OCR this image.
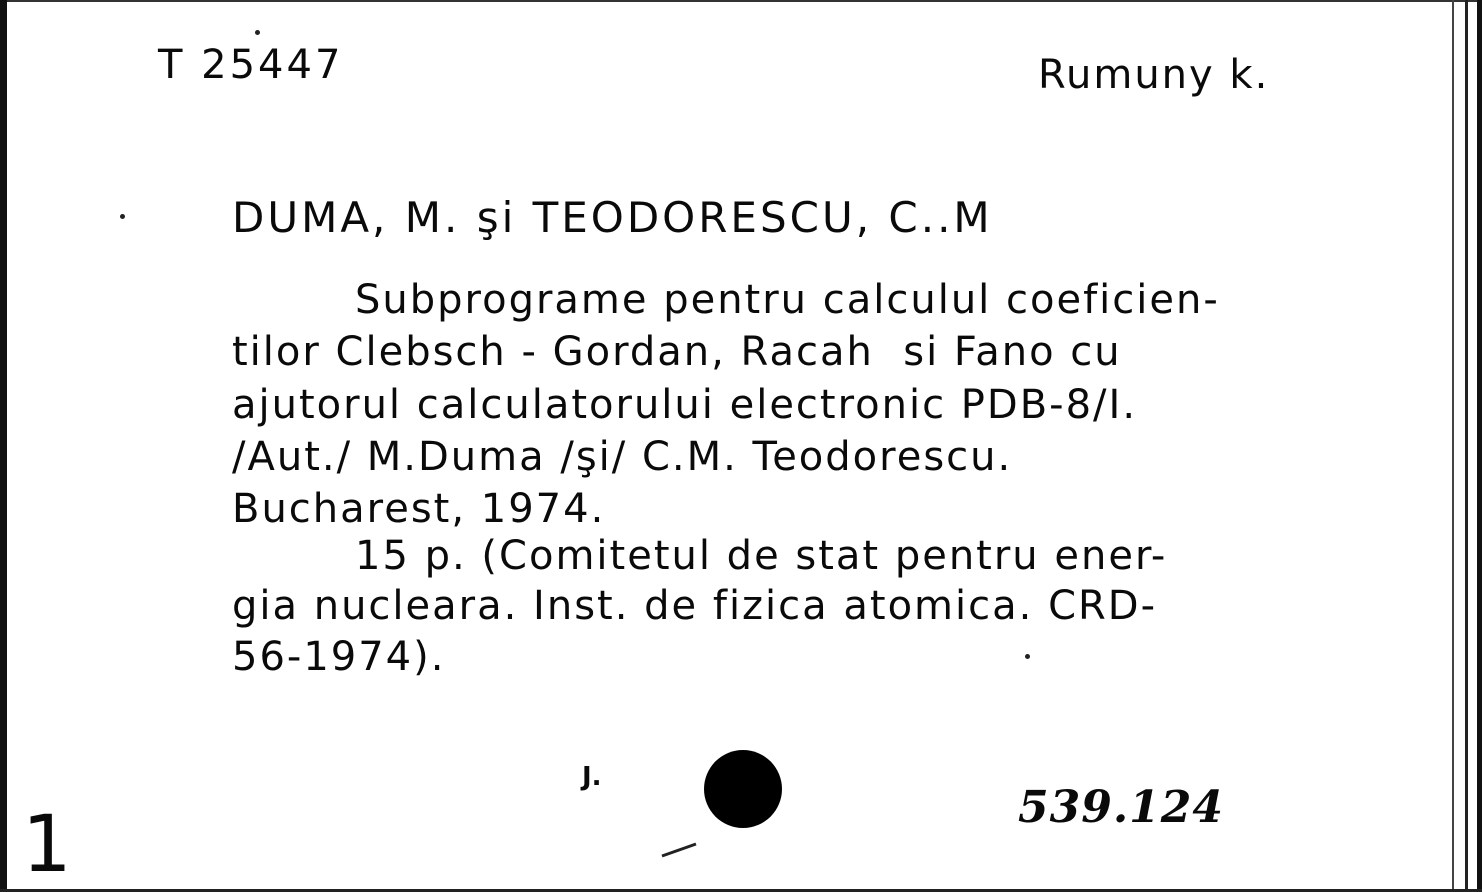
T 25447	Rumuny k.
DUMA, M. şi TEODORESCU, C..M
Subprograme pentru calculul coeficien-
tilor Clebsch - Gordan, Racah  si Fano cu
ajutorul calculatorului electronic PDB-8/I.
/Aut./ M.Duma /şi/ C.M. Teodorescu.
Bucharest, 1974.
15 p. (Comitetul de stat pentru ener-
gia nucleara. Inst. de fizica atomica. CRD-
56-1974).
J.
539.124
1
